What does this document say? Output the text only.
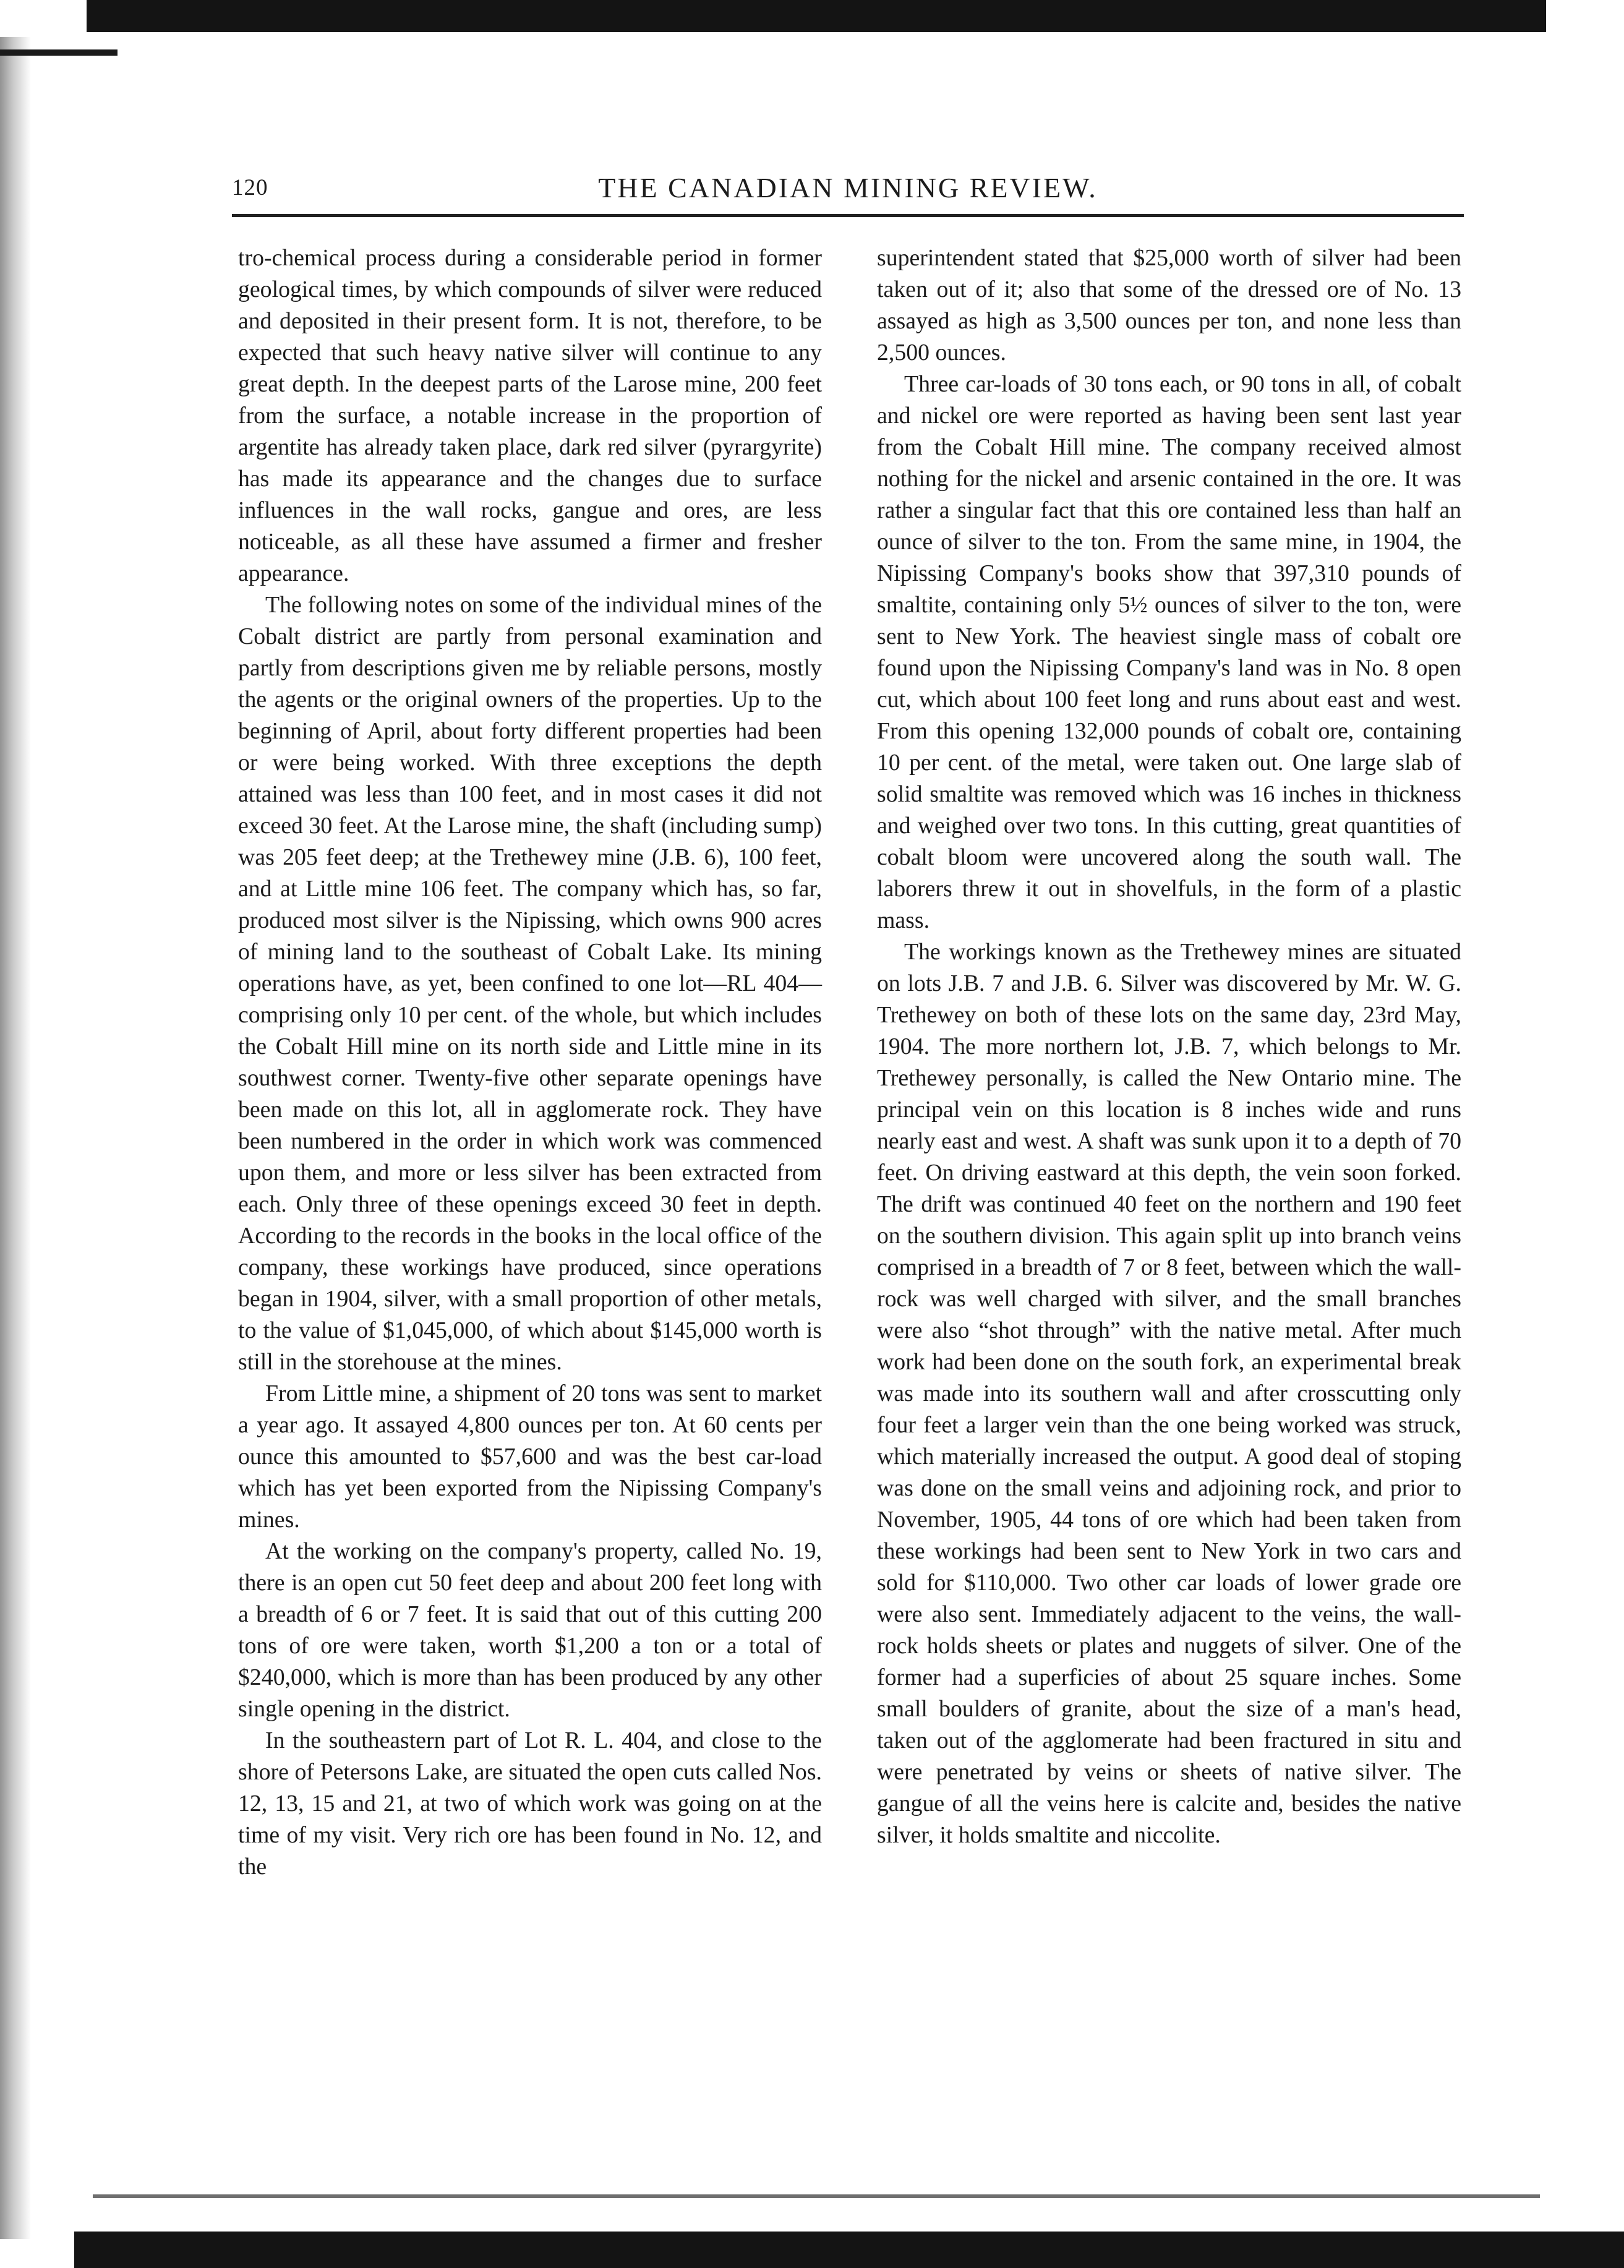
120	THE CANADIAN MINING REVIEW.

tro-chemical process during a considerable period in former geological times, by which compounds of silver were reduced and deposited in their present form. It is not, therefore, to be expected that such heavy native silver will continue to any great depth. In the deepest parts of the Larose mine, 200 feet from the surface, a notable increase in the proportion of argentite has already taken place, dark red silver (pyrargyrite) has made its appearance and the changes due to surface influences in the wall rocks, gangue and ores, are less noticeable, as all these have assumed a firmer and fresher appearance.

The following notes on some of the individual mines of the Cobalt district are partly from personal examination and partly from descriptions given me by reliable persons, mostly the agents or the original owners of the properties. Up to the beginning of April, about forty different properties had been or were being worked. With three exceptions the depth attained was less than 100 feet, and in most cases it did not exceed 30 feet. At the Larose mine, the shaft (including sump) was 205 feet deep; at the Trethewey mine (J.B. 6), 100 feet, and at Little mine 106 feet. The company which has, so far, produced most silver is the Nipissing, which owns 900 acres of mining land to the southeast of Cobalt Lake. Its mining operations have, as yet, been confined to one lot—RL 404—comprising only 10 per cent. of the whole, but which includes the Cobalt Hill mine on its north side and Little mine in its southwest corner. Twenty-five other separate openings have been made on this lot, all in agglomerate rock. They have been numbered in the order in which work was commenced upon them, and more or less silver has been extracted from each. Only three of these openings exceed 30 feet in depth. According to the records in the books in the local office of the company, these workings have produced, since operations began in 1904, silver, with a small proportion of other metals, to the value of $1,045,000, of which about $145,000 worth is still in the storehouse at the mines.

From Little mine, a shipment of 20 tons was sent to market a year ago. It assayed 4,800 ounces per ton. At 60 cents per ounce this amounted to $57,600 and was the best car-load which has yet been exported from the Nipissing Company's mines.

At the working on the company's property, called No. 19, there is an open cut 50 feet deep and about 200 feet long with a breadth of 6 or 7 feet. It is said that out of this cutting 200 tons of ore were taken, worth $1,200 a ton or a total of $240,000, which is more than has been produced by any other single opening in the district.

In the southeastern part of Lot R. L. 404, and close to the shore of Petersons Lake, are situated the open cuts called Nos. 12, 13, 15 and 21, at two of which work was going on at the time of my visit. Very rich ore has been found in No. 12, and the

superintendent stated that $25,000 worth of silver had been taken out of it; also that some of the dressed ore of No. 13 assayed as high as 3,500 ounces per ton, and none less than 2,500 ounces.

Three car-loads of 30 tons each, or 90 tons in all, of cobalt and nickel ore were reported as having been sent last year from the Cobalt Hill mine. The company received almost nothing for the nickel and arsenic contained in the ore. It was rather a singular fact that this ore contained less than half an ounce of silver to the ton. From the same mine, in 1904, the Nipissing Company's books show that 397,310 pounds of smaltite, containing only 5½ ounces of silver to the ton, were sent to New York. The heaviest single mass of cobalt ore found upon the Nipissing Company's land was in No. 8 open cut, which about 100 feet long and runs about east and west. From this opening 132,000 pounds of cobalt ore, containing 10 per cent. of the metal, were taken out. One large slab of solid smaltite was removed which was 16 inches in thickness and weighed over two tons. In this cutting, great quantities of cobalt bloom were uncovered along the south wall. The laborers threw it out in shovelfuls, in the form of a plastic mass.

The workings known as the Trethewey mines are situated on lots J.B. 7 and J.B. 6. Silver was discovered by Mr. W. G. Trethewey on both of these lots on the same day, 23rd May, 1904. The more northern lot, J.B. 7, which belongs to Mr. Trethewey personally, is called the New Ontario mine. The principal vein on this location is 8 inches wide and runs nearly east and west. A shaft was sunk upon it to a depth of 70 feet. On driving eastward at this depth, the vein soon forked. The drift was continued 40 feet on the northern and 190 feet on the southern division. This again split up into branch veins comprised in a breadth of 7 or 8 feet, between which the wall-rock was well charged with silver, and the small branches were also “shot through” with the native metal. After much work had been done on the south fork, an experimental break was made into its southern wall and after crosscutting only four feet a larger vein than the one being worked was struck, which materially increased the output. A good deal of stoping was done on the small veins and adjoining rock, and prior to November, 1905, 44 tons of ore which had been taken from these workings had been sent to New York in two cars and sold for $110,000. Two other car loads of lower grade ore were also sent. Immediately adjacent to the veins, the wall-rock holds sheets or plates and nuggets of silver. One of the former had a superficies of about 25 square inches. Some small boulders of granite, about the size of a man's head, taken out of the agglomerate had been fractured in situ and were penetrated by veins or sheets of native silver. The gangue of all the veins here is calcite and, besides the native silver, it holds smaltite and niccolite.
